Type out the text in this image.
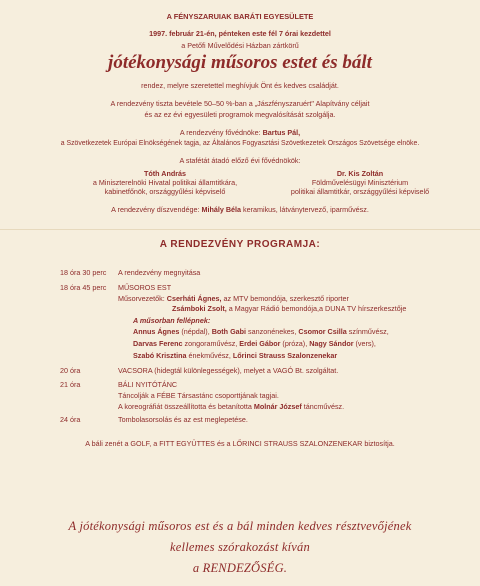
A FÉNYSZARUIAK BARÁTI EGYESÜLETE
1997. február 21-én, pénteken este fél 7 órai kezdettel
a Petőfi Művelődési Házban zártkörű
jótékonysági műsoros estet és bált
rendez, melyre szeretettel meghívjuk Önt és kedves családját.
A rendezvény tiszta bevétele 50–50 %-ban a „Jászfényszaruért" Alapítvány céljait
és az ez évi egyesületi programok megvalósítását szolgálja.
A rendezvény fővédnöke: Bartus Pál,
a Szövetkezetek Európai Elnökségének tagja, az Általános Fogyasztási Szövetkezetek Országos Szövetsége elnöke.
A stafétát átadó előző évi fővédnökök:
Tóth András
a Miniszterelnöki Hivatal politikai államtitkára,
kabinetfőnök, országgyűlési képviselő
Dr. Kis Zoltán
Földművelésügyi Minisztérium
politikai államtitkár, országgyűlési képviselő
A rendezvény díszvendége: Mihály Béla keramikus, látványtervező, iparművész.
A RENDEZVÉNY PROGRAMJA:
18 óra 30 perc A rendezvény megnyitása
18 óra 45 perc MŰSOROS EST
Műsorvezetők: Cserháti Ágnes, az MTV bemondója, szerkesztő riporter
Zsámboki Zsolt, a Magyar Rádió bemondója,a DUNA TV hírszerkesztője
A műsorban fellépnek:
Annus Ágnes (népdal), Both Gabi sanzonénekes, Csomor Csilla színművész,
Darvas Ferenc zongoraművész, Erdei Gábor (próza), Nagy Sándor (vers),
Szabó Krisztina énekművész, Lőrinci Strauss Szalonzenekar
20 óra	VACSORA (hidegtál különlegességek), melyet a VAGÓ Bt. szolgáltat.
21 óra	BÁLI NYITÓTÁNC
Táncolják a FÉBE Társastánc csoporttjának tagjai.
A koreográfiát összeállította és betanította Molnár József táncművész.
24 óra	Tombolasorsolás és az est meglepetése.
A báli zenét a GOLF, a FITT EGYÜTTES és a LŐRINCI STRAUSS SZALONZENEKAR biztosítja.
A jótékonysági műsoros est és a bál minden kedves résztvevőjének
kellemes szórakozást kíván
a RENDEZŐSÉG.
